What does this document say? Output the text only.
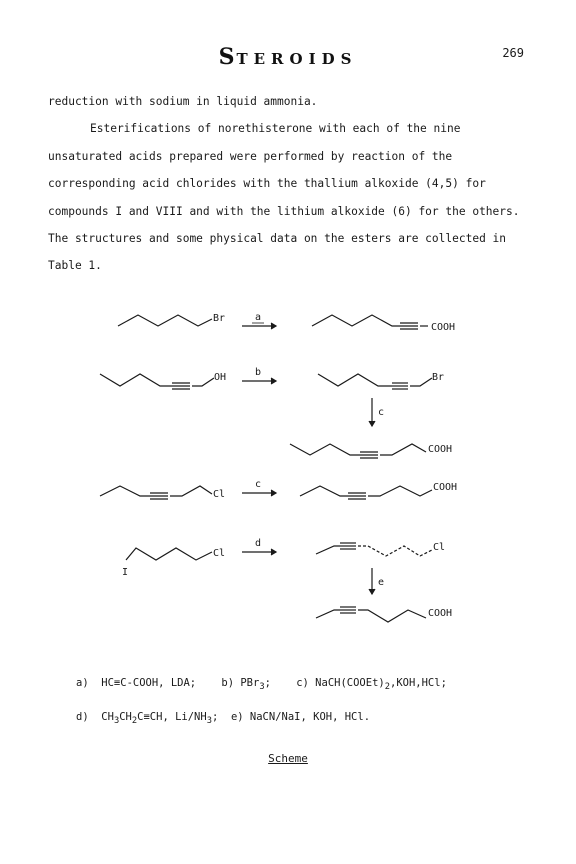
STEROIDS	269

reduction with sodium in liquid ammonia.

Esterifications of norethisterone with each of the nine unsaturated acids prepared were performed by reaction of the corresponding acid chlorides with the thallium alkoxide (4,5) for compounds I and VIII and with the lithium alkoxide (6) for the others. The structures and some physical data on the esters are collected in Table 1.

Br	a
COOH
OH	b	Br
c
COOH
Cl
c	COOH
I
Cl
d	Cl
e
COOH
a)  HC≡C-COOH, LDA;    b) PBr$_3$;    c) $NaCH(COOEt)_2,KOH,HCl$;
d)  $CH_3CH_2C\equiv CH$, $Li/NH_3$;  e) NaCN/NaI, KOH, HCl.
Scheme
